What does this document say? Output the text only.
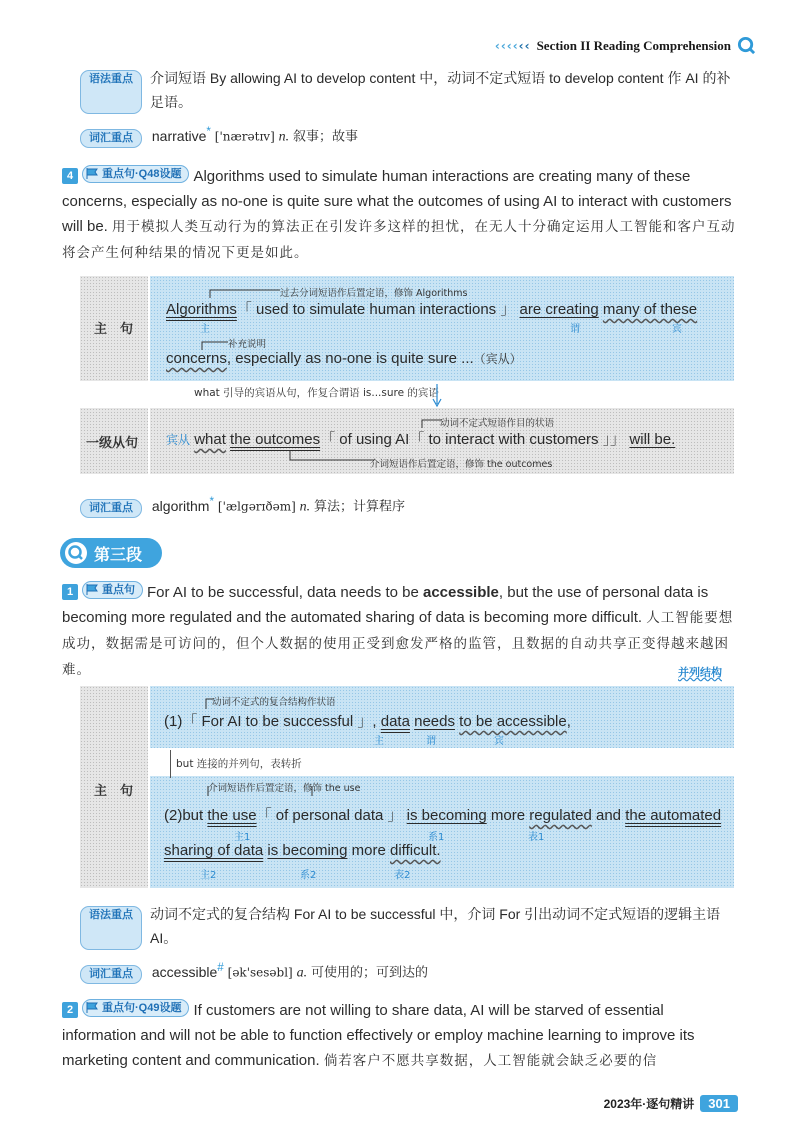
‹‹‹‹‹‹ Section II Reading Comprehension
语法重点	介词短语 By allowing AI to develop content 中，动词不定式短语 to develop content 作 AI 的补足语。
词汇重点 narrative* ['nærətɪv] n. 叙事；故事
4	重点句·Q48设题 Algorithms used to simulate human interactions are creating many of these concerns, especially as no-one is quite sure what the outcomes of using AI to interact with customers will be. 用于模拟人类互动行为的算法正在引发许多这样的担忧，在无人十分确定运用人工智能和客户互动将会产生何种结果的情况下更是如此。
主　句
过去分词短语作后置定语，修饰 Algorithms
Algorithms「 used to simulate human interactions 」 are creating many of these
主	谓	宾
补充说明
concerns, especially as no-one is quite sure ...（宾从）
what 引导的宾语从句，作复合谓语 is...sure 的宾语
一级从句
动词不定式短语作目的状语
宾从 what the outcomes「 of using AI「 to interact with customers 」」 will be.
介词短语作后置定语，修饰 the outcomes
词汇重点 algorithm* ['ælgərɪðəm] n. 算法；计算程序
第三段
1	重点句 For AI to be successful, data needs to be accessible, but the use of personal data is becoming more regulated and the automated sharing of data is becoming more difficult. 人工智能要想成功，数据需是可访问的，但个人数据的使用正受到愈发严格的监管，且数据的自动共享正变得越来越困难。	并列结构
主　句
动词不定式的复合结构作状语
(1)「 For AI to be successful 」, data needs to be accessible,
主	谓	宾
but 连接的并列句，表转折
介词短语作后置定语，修饰 the use
(2)but the use「 of personal data 」 is becoming more regulated and the automated
主1	系1	表1
sharing of data is becoming more difficult.
主2	系2	表2
语法重点	动词不定式的复合结构 For AI to be successful 中，介词 For 引出动词不定式短语的逻辑主语 AI。
词汇重点 accessible# [ək'sesəbl] a. 可使用的；可到达的
2	重点句·Q49设题 If customers are not willing to share data, AI will be starved of essential information and will not be able to function effectively or employ machine learning to improve its marketing content and communication. 倘若客户不愿共享数据，人工智能就会缺乏必要的信
2023年·逐句精讲	301
